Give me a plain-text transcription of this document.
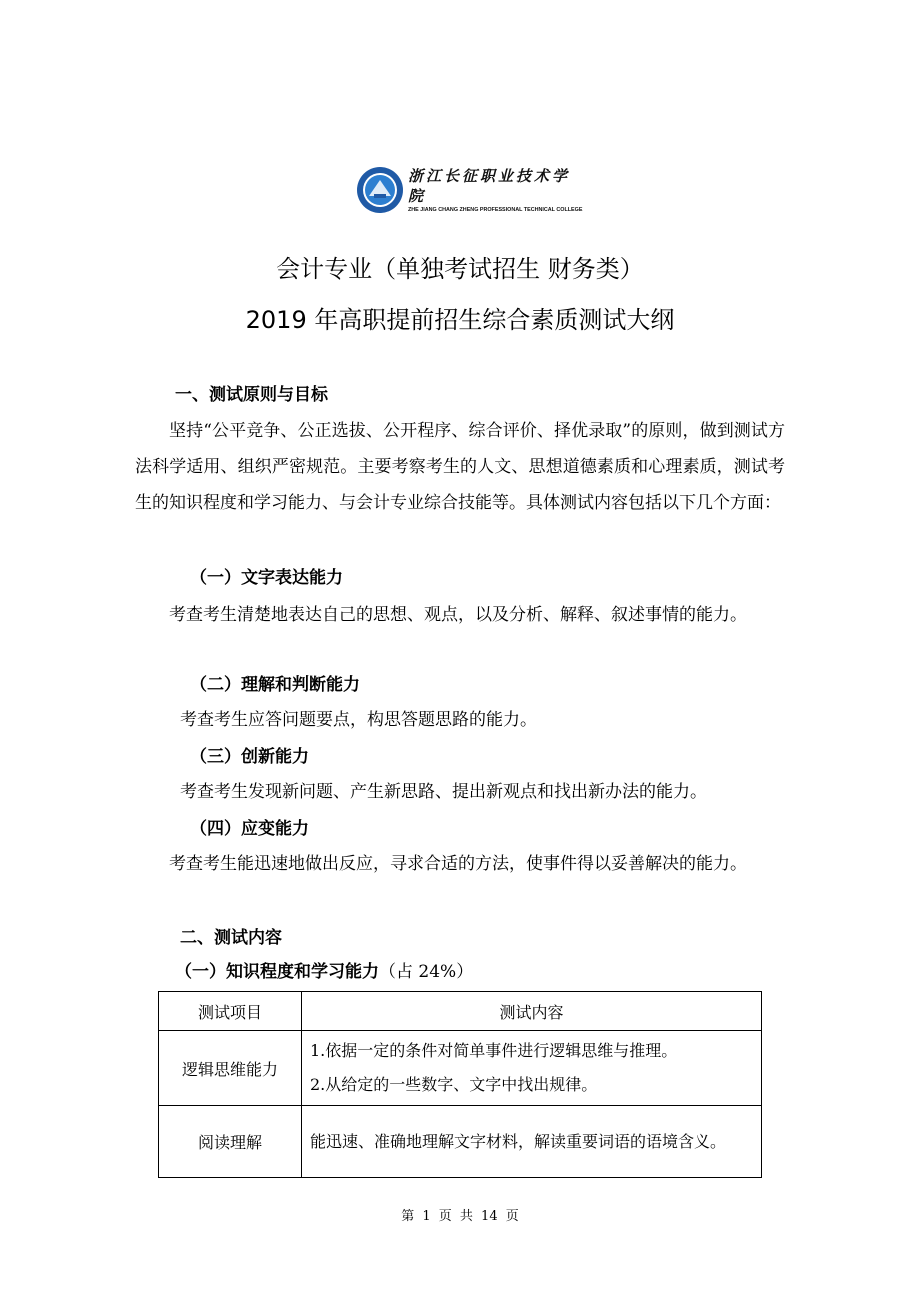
浙江长征职业技术学院
ZHE JIANG CHANG ZHENG PROFESSIONAL TECHNICAL COLLEGE
会计专业（单独考试招生 财务类）
2019 年高职提前招生综合素质测试大纲
一、测试原则与目标

坚持“公平竞争、公正选拔、公开程序、综合评价、择优录取”的原则，做到测试方法科学适用、组织严密规范。主要考察考生的人文、思想道德素质和心理素质，测试考生的知识程度和学习能力、与会计专业综合技能等。具体测试内容包括以下几个方面：

（一）文字表达能力

考查考生清楚地表达自己的思想、观点，以及分析、解释、叙述事情的能力。

（二）理解和判断能力
考查考生应答问题要点，构思答题思路的能力。
（三）创新能力
考查考生发现新问题、产生新思路、提出新观点和找出新办法的能力。
（四）应变能力

考查考生能迅速地做出反应，寻求合适的方法，使事件得以妥善解决的能力。

二、测试内容
（一）知识程度和学习能力（占 24%）
测试项目	测试内容
逻辑思维能力	1.依据一定的条件对简单事件进行逻辑思维与推理。
2.从给定的一些数字、文字中找出规律。

阅读理解	能迅速、准确地理解文字材料，解读重要词语的语境含义。
第 1 页 共 14 页
